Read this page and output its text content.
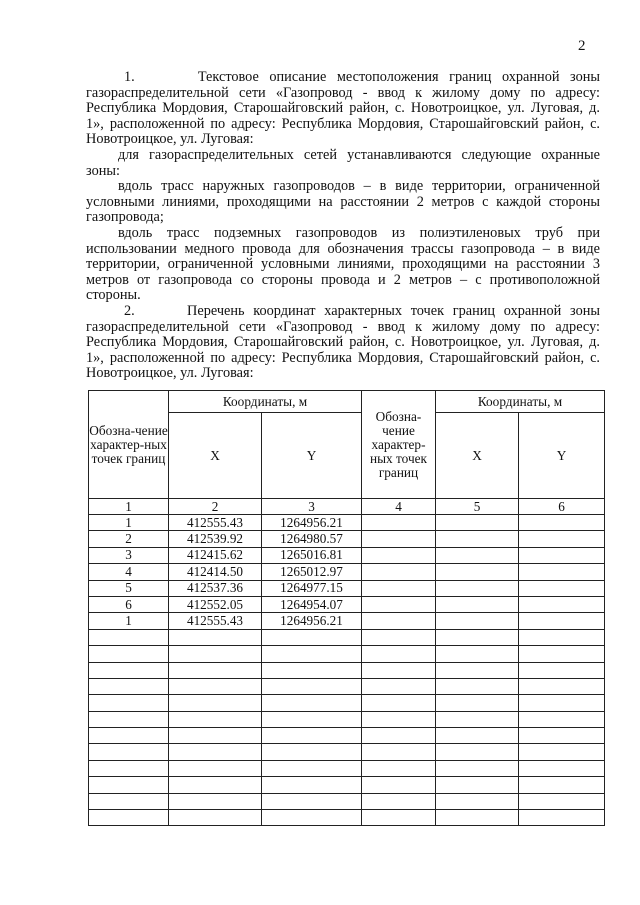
2

1.      Текстовое описание местоположения границ охранной зоны газораспределительной сети «Газопровод - ввод к жилому дому по адресу: Республика Мордовия, Старошайговский район, с. Новотроицкое, ул. Луговая, д. 1», расположенной по адресу: Республика Мордовия, Старошайговский район, с. Новотроицкое, ул. Луговая:

для газораспределительных сетей устанавливаются следующие охранные зоны:

вдоль трасс наружных газопроводов – в виде территории, ограниченной условными линиями, проходящими на расстоянии 2 метров с каждой стороны газопровода;

вдоль трасс подземных газопроводов из полиэтиленовых труб при использовании медного провода для обозначения трассы газопровода – в виде территории, ограниченной условными линиями, проходящими на расстоянии 3 метров от газопровода со стороны провода и 2 метров – с противоположной стороны.

2.      Перечень координат характерных точек границ охранной зоны газораспределительной сети «Газопровод - ввод к жилому дому по адресу: Республика Мордовия, Старошайговский район, с. Новотроицкое, ул. Луговая, д. 1», расположенной по адресу: Республика Мордовия, Старошайговский район, с. Новотроицкое, ул. Луговая:

Обозна-чение характер-ных точек границ	Координаты, м		Обозна-чение характер-ных точек границ	Координаты, м	
	X	Y		X	Y
1	2	3	4	5	6
1	412555.43	1264956.21			
2	412539.92	1264980.57			
3	412415.62	1265016.81			
4	412414.50	1265012.97			
5	412537.36	1264977.15			
6	412552.05	1264954.07			
1	412555.43	1264956.21			
